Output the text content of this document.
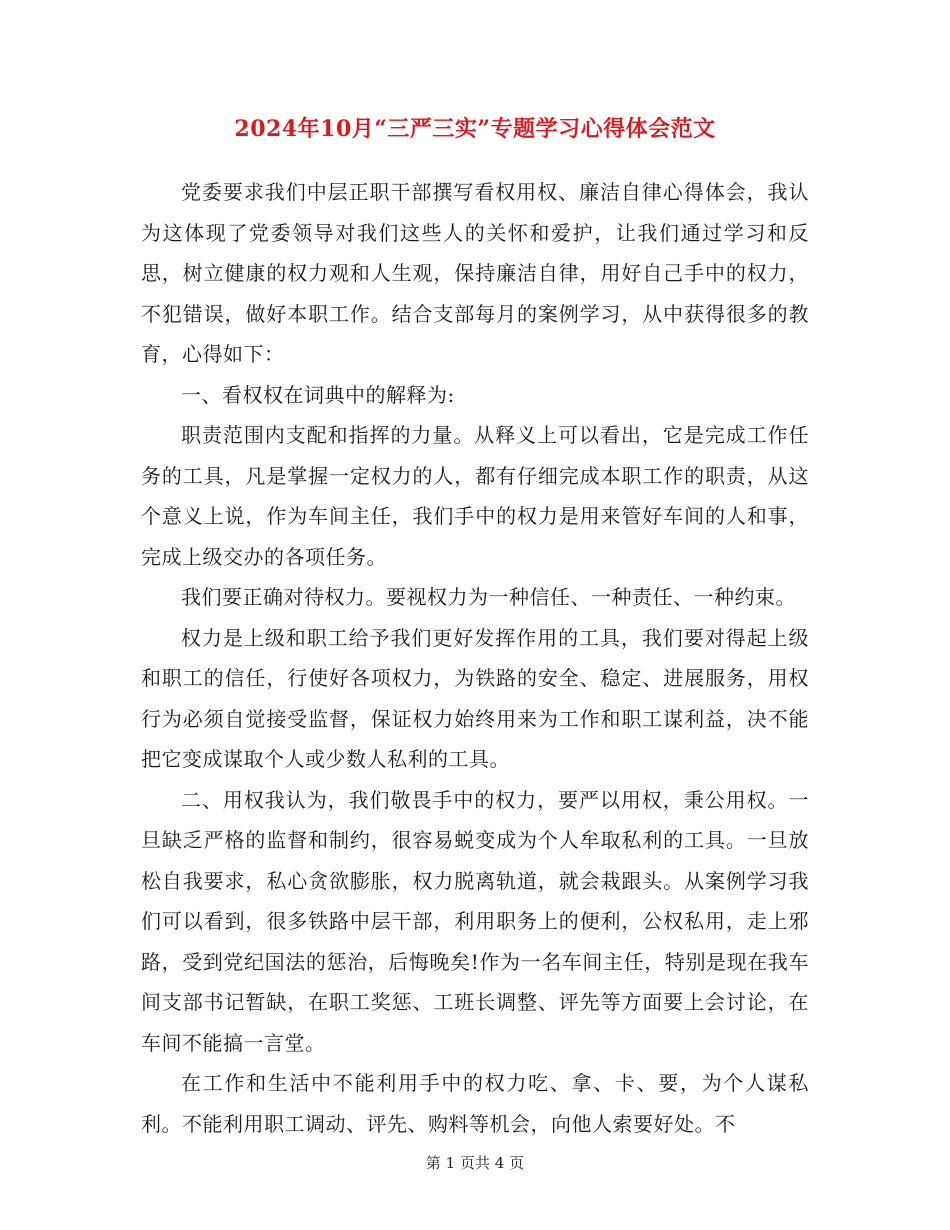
2024年10月“三严三实”专题学习心得体会范文

党委要求我们中层正职干部撰写看权用权、廉洁自律心得体会，我认为这体现了党委领导对我们这些人的关怀和爱护，让我们通过学习和反思，树立健康的权力观和人生观，保持廉洁自律，用好自己手中的权力，不犯错误，做好本职工作。结合支部每月的案例学习，从中获得很多的教育，心得如下：

一、看权权在词典中的解释为:

职责范围内支配和指挥的力量。从释义上可以看出，它是完成工作任务的工具，凡是掌握一定权力的人，都有仔细完成本职工作的职责，从这个意义上说，作为车间主任，我们手中的权力是用来管好车间的人和事，完成上级交办的各项任务。

我们要正确对待权力。要视权力为一种信任、一种责任、一种约束。

权力是上级和职工给予我们更好发挥作用的工具，我们要对得起上级和职工的信任，行使好各项权力，为铁路的安全、稳定、进展服务，用权行为必须自觉接受监督，保证权力始终用来为工作和职工谋利益，决不能把它变成谋取个人或少数人私利的工具。

二、用权我认为，我们敬畏手中的权力，要严以用权，秉公用权。一旦缺乏严格的监督和制约，很容易蜕变成为个人牟取私利的工具。一旦放松自我要求，私心贪欲膨胀，权力脱离轨道，就会栽跟头。从案例学习我们可以看到，很多铁路中层干部，利用职务上的便利，公权私用，走上邪路，受到党纪国法的惩治，后悔晚矣!作为一名车间主任，特别是现在我车间支部书记暂缺，在职工奖惩、工班长调整、评先等方面要上会讨论，在车间不能搞一言堂。

在工作和生活中不能利用手中的权力吃、拿、卡、要，为个人谋私利。不能利用职工调动、评先、购料等机会，向他人索要好处。不

第 1 页共 4 页
